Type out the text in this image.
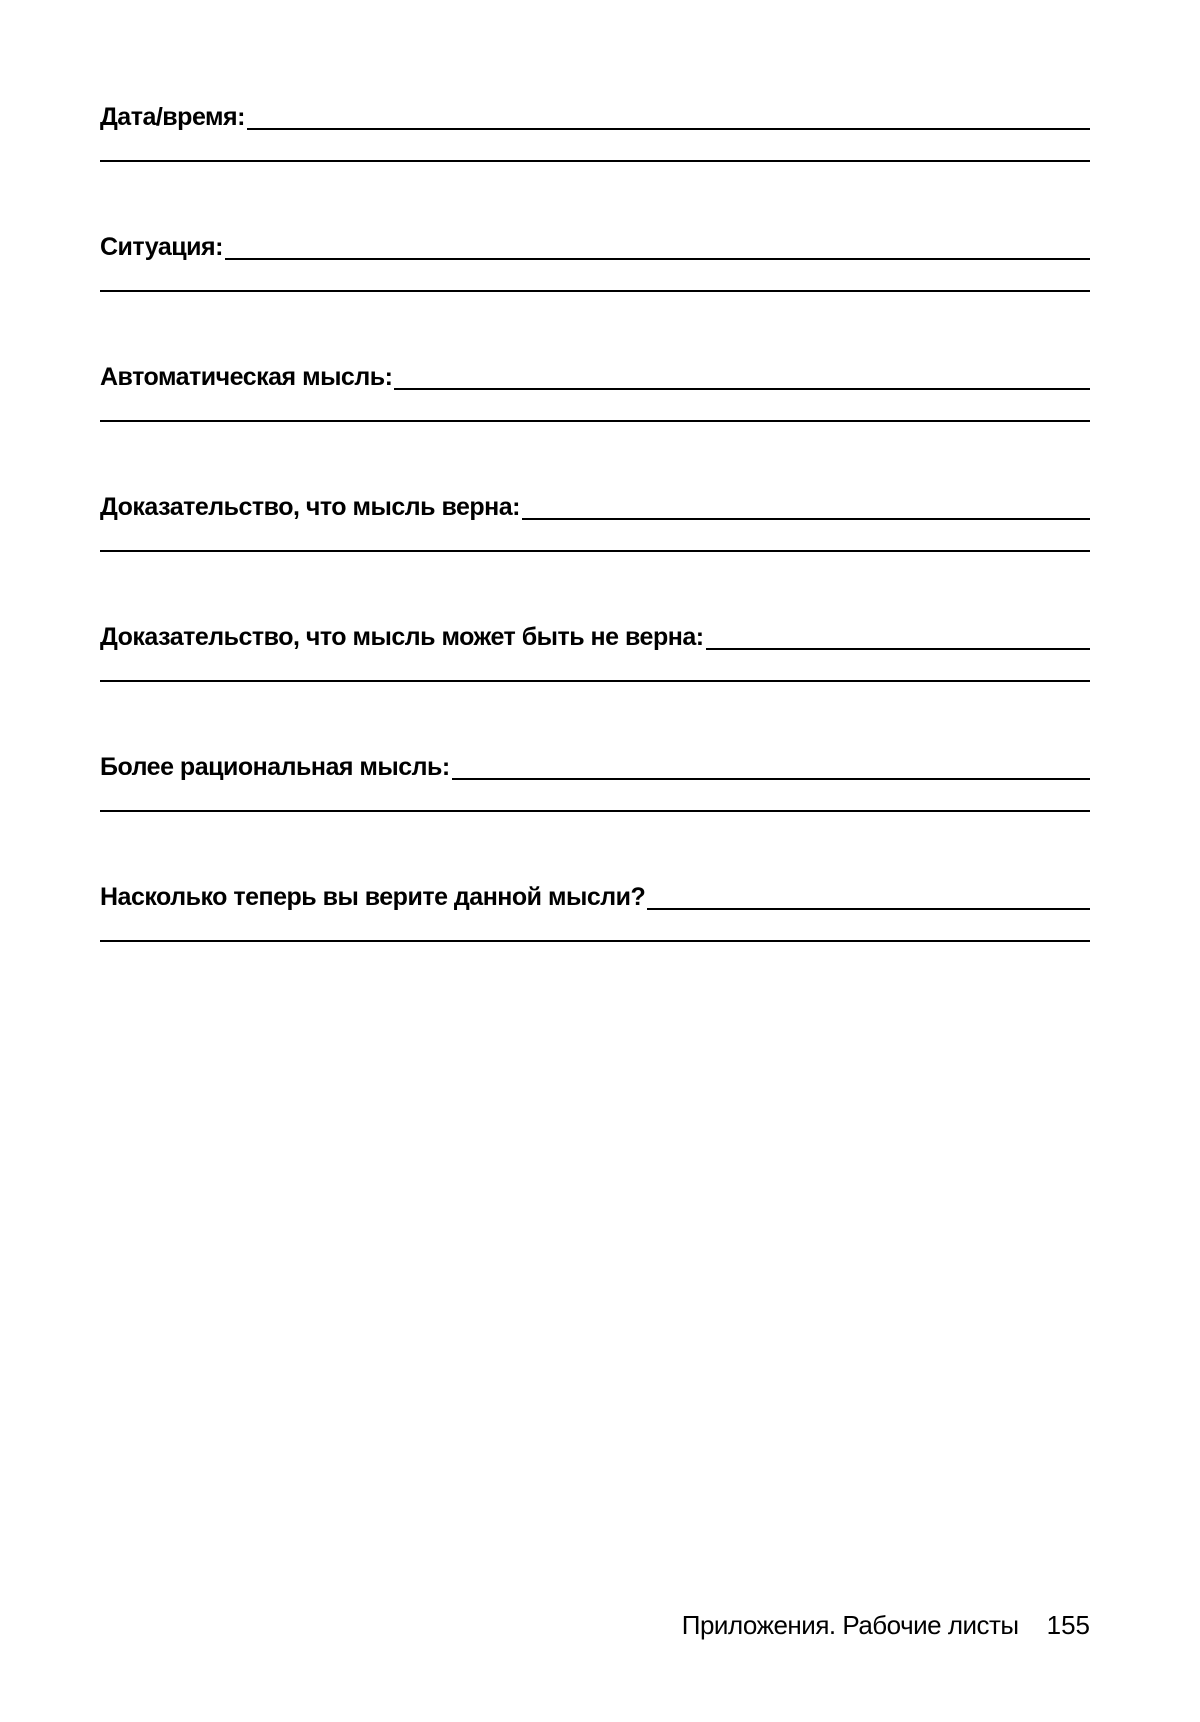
Дата/время:
Ситуация:
Автоматическая мысль:
Доказательство, что мысль верна:
Доказательство, что мысль может быть не верна:
Более рациональная мысль:
Насколько теперь вы верите данной мысли?
Приложения. Рабочие листы 155
